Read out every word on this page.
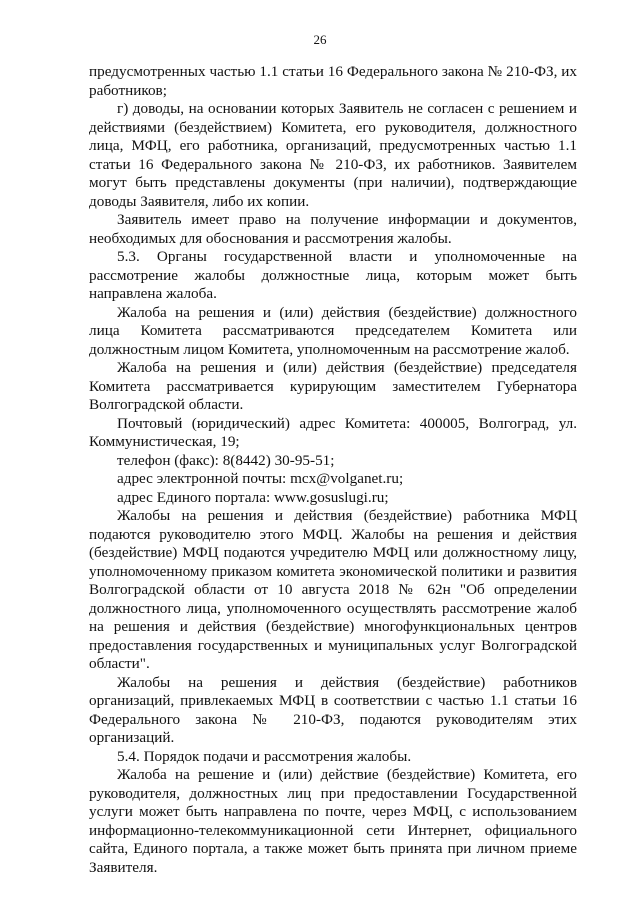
26

предусмотренных частью 1.1 статьи 16 Федерального закона № 210-ФЗ, их работников;

г) доводы, на основании которых Заявитель не согласен с решением и действиями (бездействием) Комитета, его руководителя, должностного лица, МФЦ, его работника, организаций, предусмотренных частью 1.1 статьи 16 Федерального закона № 210-ФЗ, их работников. Заявителем могут быть представлены документы (при наличии), подтверждающие доводы Заявителя, либо их копии.

Заявитель имеет право на получение информации и документов, необходимых для обоснования и рассмотрения жалобы.

5.3. Органы государственной власти и уполномоченные на рассмотрение жалобы должностные лица, которым может быть направлена жалоба.

Жалоба на решения и (или) действия (бездействие) должностного лица Комитета рассматриваются председателем Комитета или должностным лицом Комитета, уполномоченным на рассмотрение жалоб.

Жалоба на решения и (или) действия (бездействие) председателя Комитета рассматривается курирующим заместителем Губернатора Волгоградской области.

Почтовый (юридический) адрес Комитета: 400005, Волгоград, ул. Коммунистическая, 19;

телефон (факс): 8(8442) 30-95-51;

адрес электронной почты: mcx@volganet.ru;

адрес Единого портала: www.gosuslugi.ru;

Жалобы на решения и действия (бездействие) работника МФЦ подаются руководителю этого МФЦ. Жалобы на решения и действия (бездействие) МФЦ подаются учредителю МФЦ или должностному лицу, уполномоченному приказом комитета экономической политики и развития Волгоградской области от 10 августа 2018 № 62н "Об определении должностного лица, уполномоченного осуществлять рассмотрение жалоб на решения и действия (бездействие) многофункциональных центров предоставления государственных и муниципальных услуг Волгоградской области".

Жалобы на решения и действия (бездействие) работников организаций, привлекаемых МФЦ в соответствии с частью 1.1 статьи 16 Федерального закона № 210-ФЗ, подаются руководителям этих организаций.

5.4. Порядок подачи и рассмотрения жалобы.

Жалоба на решение и (или) действие (бездействие) Комитета, его руководителя, должностных лиц при предоставлении Государственной услуги может быть направлена по почте, через МФЦ, с использованием информационно-телекоммуникационной сети Интернет, официального сайта, Единого портала, а также может быть принята при личном приеме Заявителя.
